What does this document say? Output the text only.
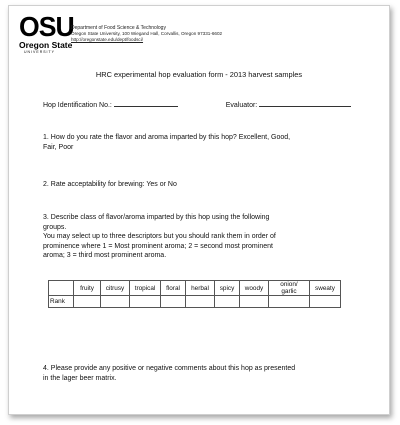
OSU
Oregon State
UNIVERSITY
Department of Food Science & Technology
Oregon State University, 100 Wiegand Hall, Corvallis, Oregon 97331-6602
http://oregonstate.edu/dept/foodsci/
HRC experimental hop evaluation form - 2013 harvest samples
Hop Identification No.:	Evaluator:
1. How do you rate the flavor and aroma imparted by this hop? Excellent, Good,
Fair, Poor
2. Rate acceptability for brewing: Yes or No
3. Describe class of flavor/aroma imparted by this hop using the following
groups.
You may select up to three descriptors but you should rank them in order of
prominence where 1 = Most prominent aroma; 2 = second most prominent
aroma; 3 = third most prominent aroma.
	fruity	citrusy	tropical	floral	herbal	spicy	woody	onion/
garlic	sweaty
Rank									
4. Please provide any positive or negative comments about this hop as presented
in the lager beer matrix.
